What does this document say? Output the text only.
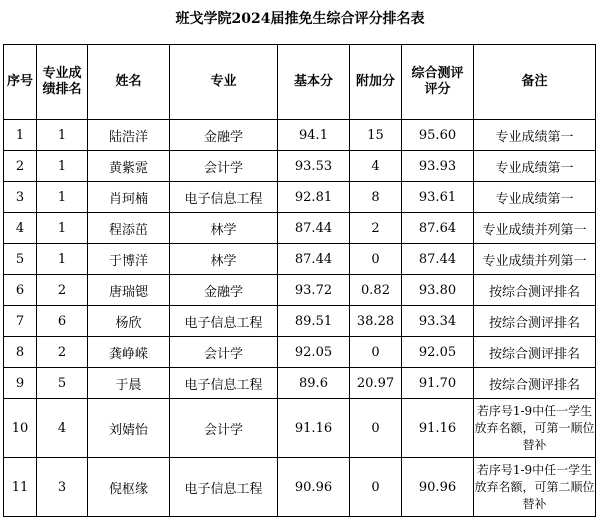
班戈学院2024届推免生综合评分排名表
序号	专业成绩排名	姓名	专业	基本分	附加分	综合测评评分	备注
1	1	陆浩洋	金融学	94.1	15	95.60	专业成绩第一
2	1	黄紫霓	会计学	93.53	4	93.93	专业成绩第一
3	1	肖珂楠	电子信息工程	92.81	8	93.61	专业成绩第一
4	1	程添茁	林学	87.44	2	87.64	专业成绩并列第一
5	1	于博洋	林学	87.44	0	87.44	专业成绩并列第一
6	2	唐瑞锶	金融学	93.72	0.82	93.80	按综合测评排名
7	6	杨欣	电子信息工程	89.51	38.28	93.34	按综合测评排名
8	2	龚峥嵘	会计学	92.05	0	92.05	按综合测评排名
9	5	于晨	电子信息工程	89.6	20.97	91.70	按综合测评排名
10	4	刘婧怡	会计学	91.16	0	91.16	若序号1-9中任一学生放弃名额，可第一顺位替补
11	3	倪枢缘	电子信息工程	90.96	0	90.96	若序号1-9中任一学生放弃名额，可第二顺位替补
